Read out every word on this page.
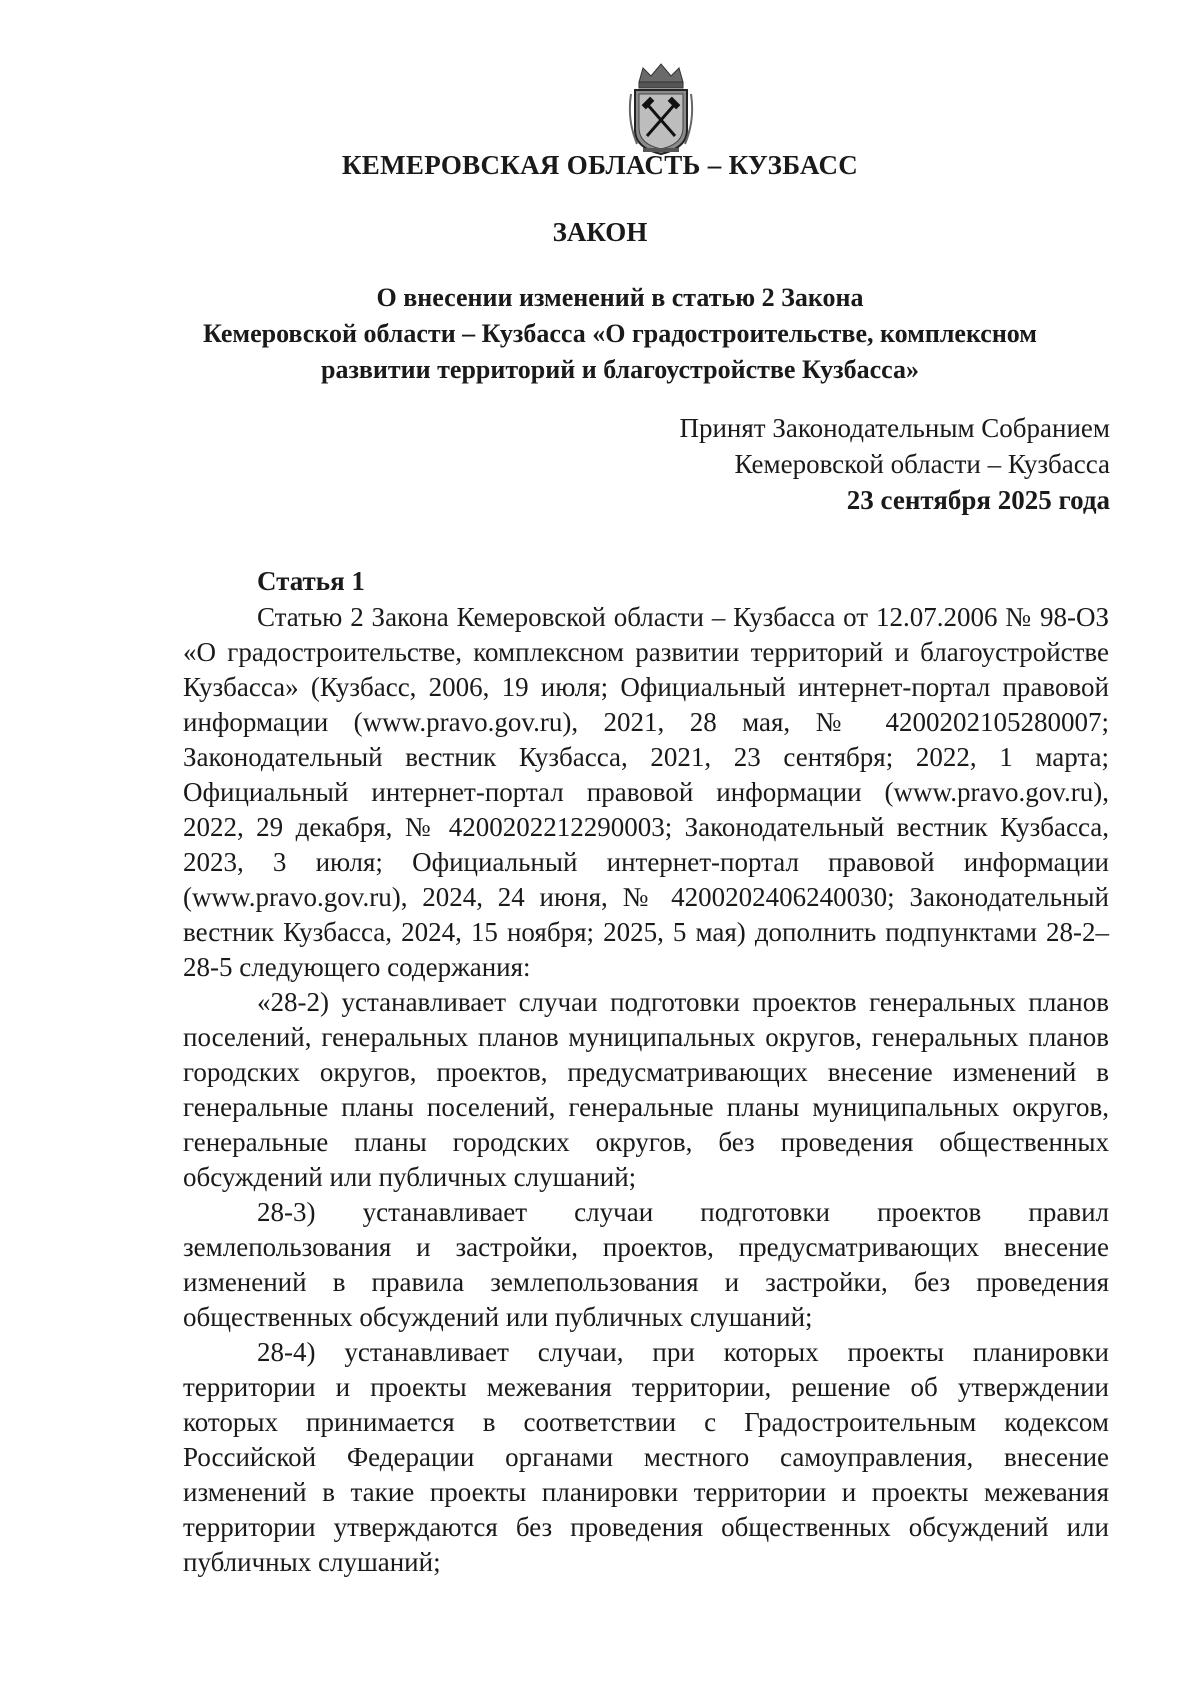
КЕМЕРОВСКАЯ ОБЛАСТЬ – КУЗБАСС
ЗАКОН
О внесении изменений в статью 2 Закона
Кемеровской области – Кузбасса «О градостроительстве, комплексном
развитии территорий и благоустройстве Кузбасса»
Принят Законодательным Собранием
Кемеровской области – Кузбасса
23 сентября 2025 года
Статья 1

Статью 2 Закона Кемеровской области – Кузбасса от 12.07.2006 № 98-ОЗ «О градостроительстве, комплексном развитии территорий и благоустройстве Кузбасса» (Кузбасс, 2006, 19 июля; Официальный интернет-портал правовой информации (www.pravo.gov.ru), 2021, 28 мая, № 4200202105280007; Законодательный вестник Кузбасса, 2021, 23 сентября; 2022, 1 марта; Официальный интернет-портал правовой информации (www.pravo.gov.ru), 2022, 29 декабря, № 4200202212290003; Законодательный вестник Кузбасса, 2023, 3 июля; Официальный интернет-портал правовой информации (www.pravo.gov.ru), 2024, 24 июня, № 4200202406240030; Законодательный вестник Кузбасса, 2024, 15 ноября; 2025, 5 мая) дополнить подпунктами 28-2–28-5 следующего содержания:

«28-2) устанавливает случаи подготовки проектов генеральных планов поселений, генеральных планов муниципальных округов, генеральных планов городских округов, проектов, предусматривающих внесение изменений в генеральные планы поселений, генеральные планы муниципальных округов, генеральные планы городских округов, без проведения общественных обсуждений или публичных слушаний;

28-3) устанавливает случаи подготовки проектов правил землепользования и застройки, проектов, предусматривающих внесение изменений в правила землепользования и застройки, без проведения общественных обсуждений или публичных слушаний;

28-4) устанавливает случаи, при которых проекты планировки территории и проекты межевания территории, решение об утверждении которых принимается в соответствии с Градостроительным кодексом Российской Федерации органами местного самоуправления, внесение изменений в такие проекты планировки территории и проекты межевания территории утверждаются без проведения общественных обсуждений или публичных слушаний;
